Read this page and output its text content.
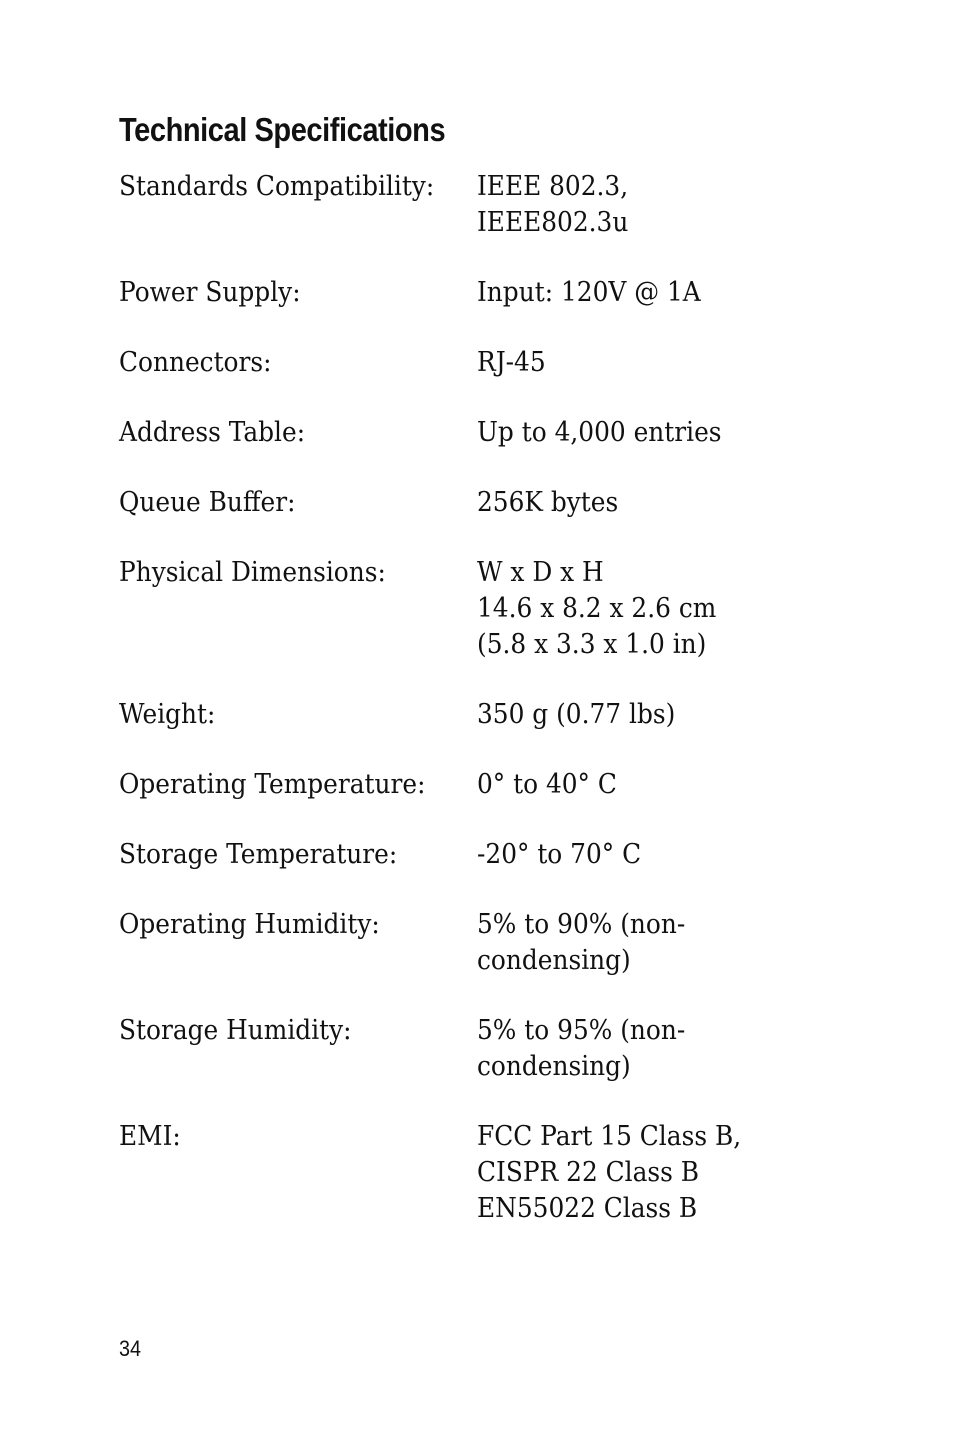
Technical Specifications
Standards Compatibility:	IEEE 802.3,
IEEE802.3u
Power Supply:	Input: 120V @ 1A
Connectors:	RJ-45
Address Table:	Up to 4,000 entries
Queue Buffer:	256K bytes
Physical Dimensions:	W x D x H
14.6 x 8.2 x 2.6 cm
(5.8 x 3.3 x 1.0 in)
Weight:	350 g (0.77 lbs)
Operating Temperature:	0° to 40° C
Storage Temperature:	-20° to 70° C
Operating Humidity:	5% to 90% (non-
condensing)
Storage Humidity:	5% to 95% (non-
condensing)
EMI:	FCC Part 15 Class B,
CISPR 22 Class B
EN55022 Class B
34
